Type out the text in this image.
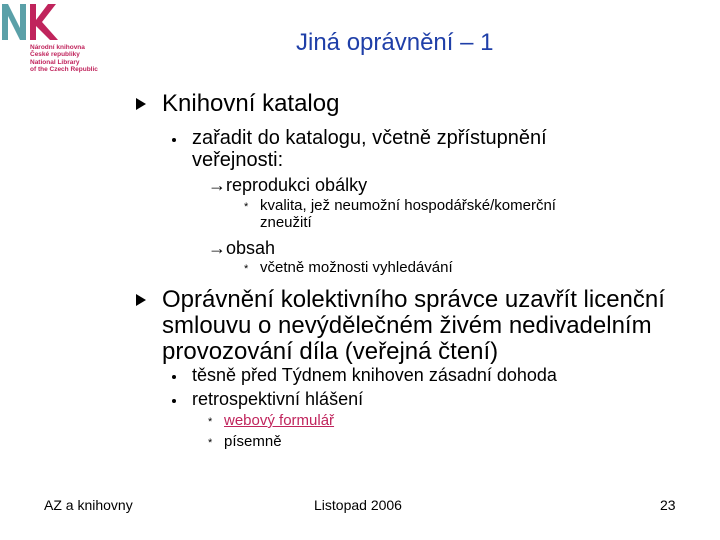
Národní knihovna
České republiky
National Library
of the Czech Republic
Jiná oprávnění – 1
Knihovní katalog
zařadit do katalogu, včetně zpřístupnění
veřejnosti:
→reprodukci obálky
* kvalita, jež neumožní hospodářské/komerční
zneužití
→obsah
* včetně možnosti vyhledávání
Oprávnění kolektivního správce uzavřít licenční
smlouvu o nevýdělečném živém nedivadelním
provozování díla (veřejná čtení)
těsně před Týdnem knihoven zásadní dohoda
retrospektivní hlášení
* webový formulář
* písemně
AZ a knihovny	Listopad 2006	23
